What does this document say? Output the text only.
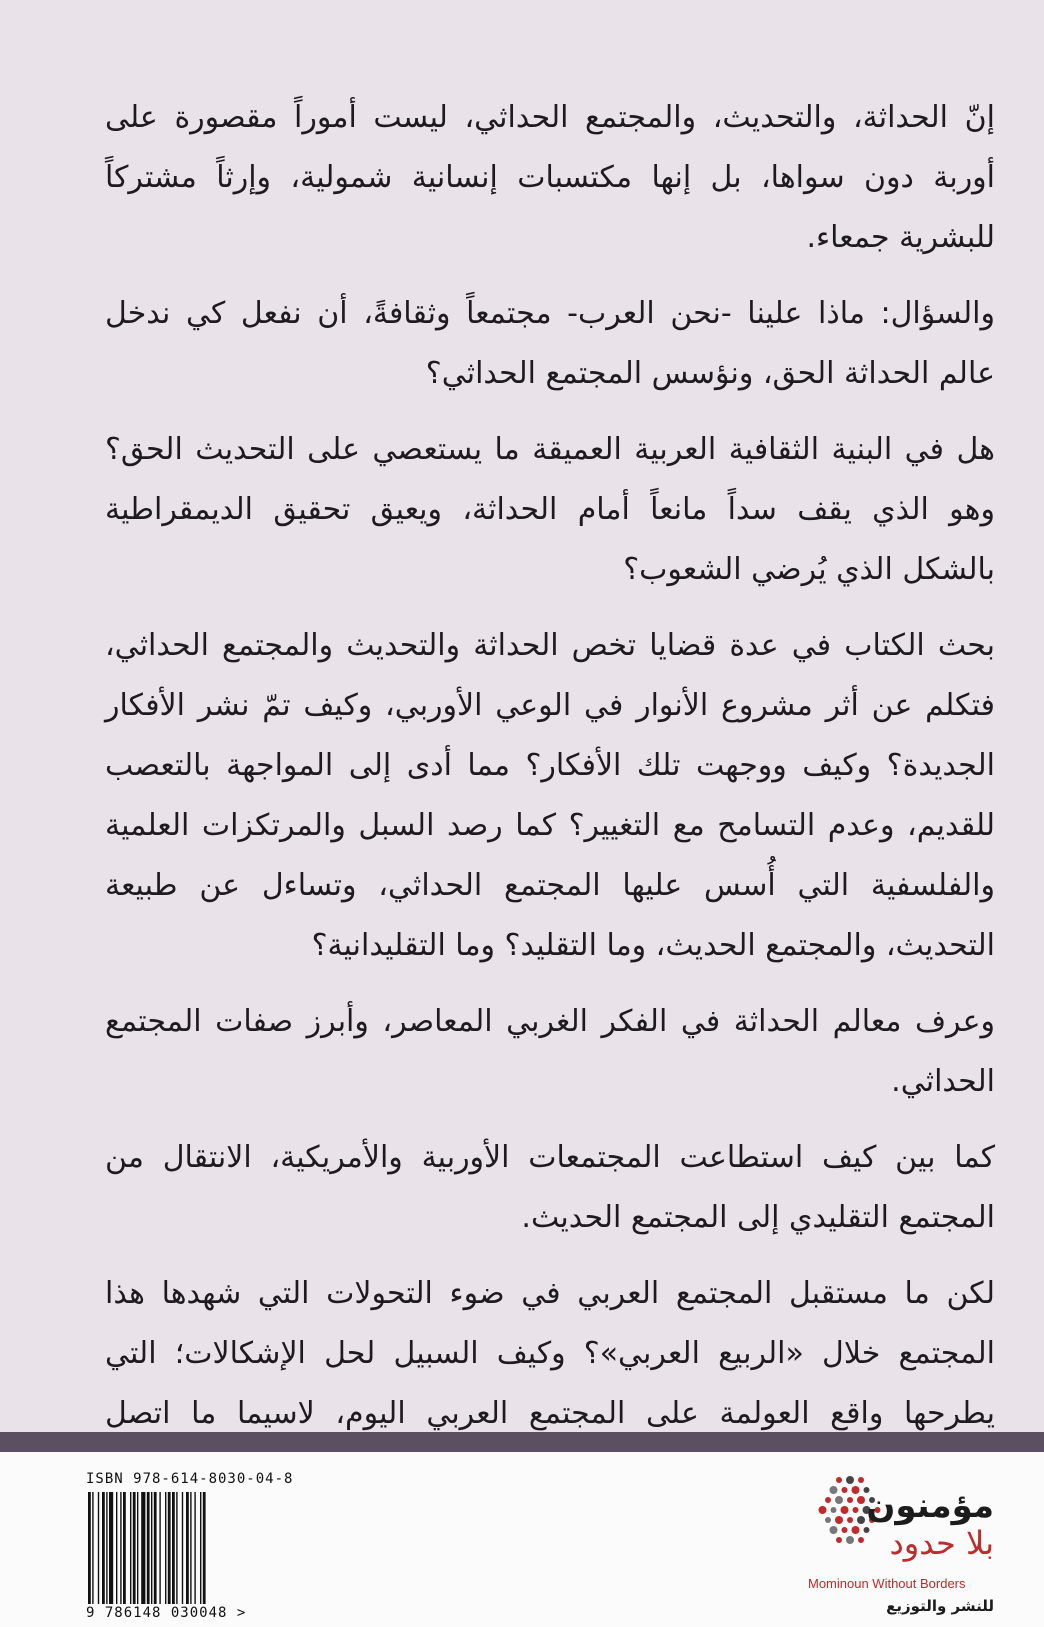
إنّ الحداثة، والتحديث، والمجتمع الحداثي، ليست أموراً مقصورة على أوربة دون سواها، بل إنها مكتسبات إنسانية شمولية، وإرثاً مشتركاً للبشرية جمعاء.

والسؤال: ماذا علينا -نحن العرب- مجتمعاً وثقافةً، أن نفعل كي ندخل عالم الحداثة الحق، ونؤسس المجتمع الحداثي؟

هل في البنية الثقافية العربية العميقة ما يستعصي على التحديث الحق؟ وهو الذي يقف سداً مانعاً أمام الحداثة، ويعيق تحقيق الديمقراطية بالشكل الذي يُرضي الشعوب؟

بحث الكتاب في عدة قضايا تخص الحداثة والتحديث والمجتمع الحداثي، فتكلم عن أثر مشروع الأنوار في الوعي الأوربي، وكيف تمّ نشر الأفكار الجديدة؟ وكيف ووجهت تلك الأفكار؟ مما أدى إلى المواجهة بالتعصب للقديم، وعدم التسامح مع التغيير؟ كما رصد السبل والمرتكزات العلمية والفلسفية التي أُسس عليها المجتمع الحداثي، وتساءل عن طبيعة التحديث، والمجتمع الحديث، وما التقليد؟ وما التقليدانية؟

وعرف معالم الحداثة في الفكر الغربي المعاصر، وأبرز صفات المجتمع الحداثي.

كما بين كيف استطاعت المجتمعات الأوربية والأمريكية، الانتقال من المجتمع التقليدي إلى المجتمع الحديث.

لكن ما مستقبل المجتمع العربي في ضوء التحولات التي شهدها هذا المجتمع خلال «الربيع العربي»؟ وكيف السبيل لحل الإشكالات؛ التي يطرحها واقع العولمة على المجتمع العربي اليوم، لاسيما ما اتصل

ISBN 978-614-8030-04-8
9 786148 030048 >
مؤمنون
بلا حدود
Mominoun Without Borders
للنشر والتوزيع
